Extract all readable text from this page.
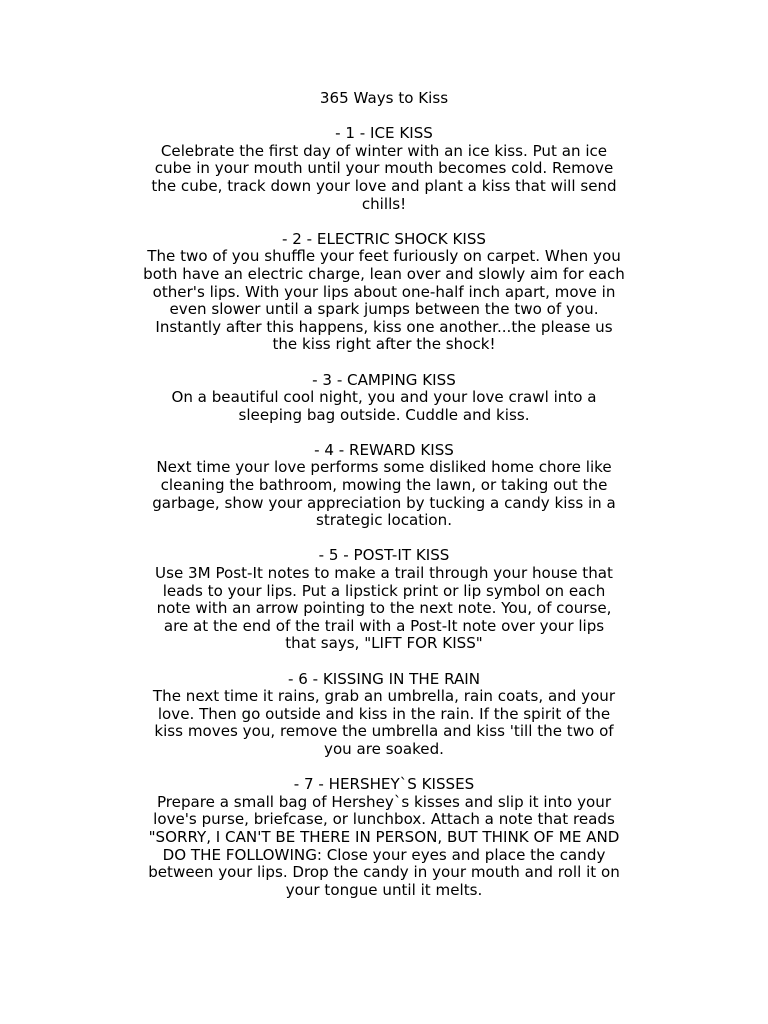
365 Ways to Kiss
- 1 - ICE KISS
Celebrate the first day of winter with an ice kiss. Put an ice
cube in your mouth until your mouth becomes cold. Remove
the cube, track down your love and plant a kiss that will send
chills!
- 2 - ELECTRIC SHOCK KISS
The two of you shuffle your feet furiously on carpet. When you
both have an electric charge, lean over and slowly aim for each
other's lips. With your lips about one-half inch apart, move in
even slower until a spark jumps between the two of you.
Instantly after this happens, kiss one another...the please us
the kiss right after the shock!
- 3 - CAMPING KISS
On a beautiful cool night, you and your love crawl into a
sleeping bag outside. Cuddle and kiss.
- 4 - REWARD KISS
Next time your love performs some disliked home chore like
cleaning the bathroom, mowing the lawn, or taking out the
garbage, show your appreciation by tucking a candy kiss in a
strategic location.
- 5 - POST-IT KISS
Use 3M Post-It notes to make a trail through your house that
leads to your lips. Put a lipstick print or lip symbol on each
note with an arrow pointing to the next note. You, of course,
are at the end of the trail with a Post-It note over your lips
that says, "LIFT FOR KISS"
- 6 - KISSING IN THE RAIN
The next time it rains, grab an umbrella, rain coats, and your
love. Then go outside and kiss in the rain. If the spirit of the
kiss moves you, remove the umbrella and kiss 'till the two of
you are soaked.
- 7 - HERSHEY`S KISSES
Prepare a small bag of Hershey`s kisses and slip it into your
love's purse, briefcase, or lunchbox. Attach a note that reads
"SORRY, I CAN'T BE THERE IN PERSON, BUT THINK OF ME AND
DO THE FOLLOWING: Close your eyes and place the candy
between your lips. Drop the candy in your mouth and roll it on
your tongue until it melts.
